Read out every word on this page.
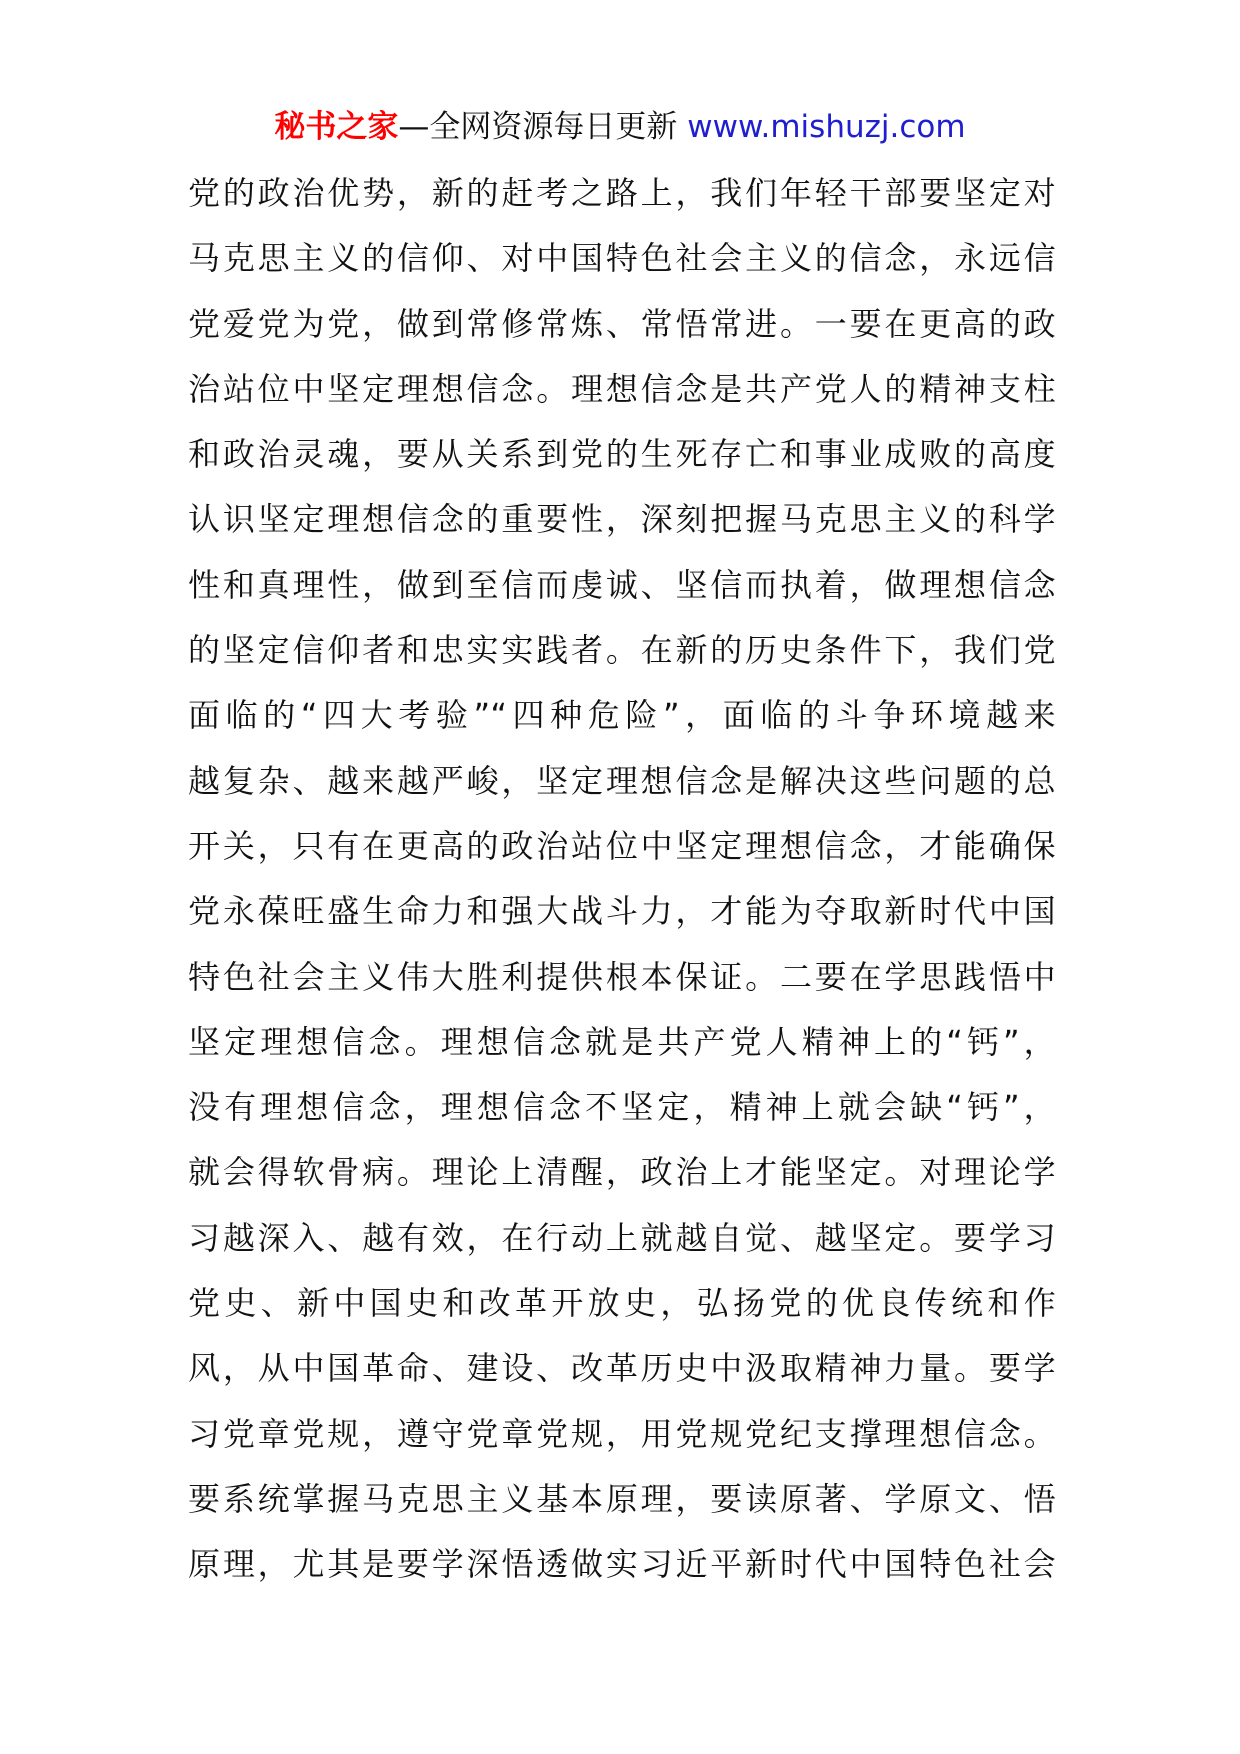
秘书之家—全网资源每日更新 www.mishuzj.com
党的政治优势，新的赶考之路上，我们年轻干部要坚定对
马克思主义的信仰、对中国特色社会主义的信念，永远信
党爱党为党，做到常修常炼、常悟常进。一要在更高的政
治站位中坚定理想信念。理想信念是共产党人的精神支柱
和政治灵魂，要从关系到党的生死存亡和事业成败的高度
认识坚定理想信念的重要性，深刻把握马克思主义的科学
性和真理性，做到至信而虔诚、坚信而执着，做理想信念
的坚定信仰者和忠实实践者。在新的历史条件下，我们党
面临的“四大考验”“四种危险”，面临的斗争环境越来
越复杂、越来越严峻，坚定理想信念是解决这些问题的总
开关，只有在更高的政治站位中坚定理想信念，才能确保
党永葆旺盛生命力和强大战斗力，才能为夺取新时代中国
特色社会主义伟大胜利提供根本保证。二要在学思践悟中
坚定理想信念。理想信念就是共产党人精神上的“钙”，
没有理想信念，理想信念不坚定，精神上就会缺“钙”，
就会得软骨病。理论上清醒，政治上才能坚定。对理论学
习越深入、越有效，在行动上就越自觉、越坚定。要学习
党史、新中国史和改革开放史，弘扬党的优良传统和作
风，从中国革命、建设、改革历史中汲取精神力量。要学
习党章党规，遵守党章党规，用党规党纪支撑理想信念。
要系统掌握马克思主义基本原理，要读原著、学原文、悟
原理，尤其是要学深悟透做实习近平新时代中国特色社会
